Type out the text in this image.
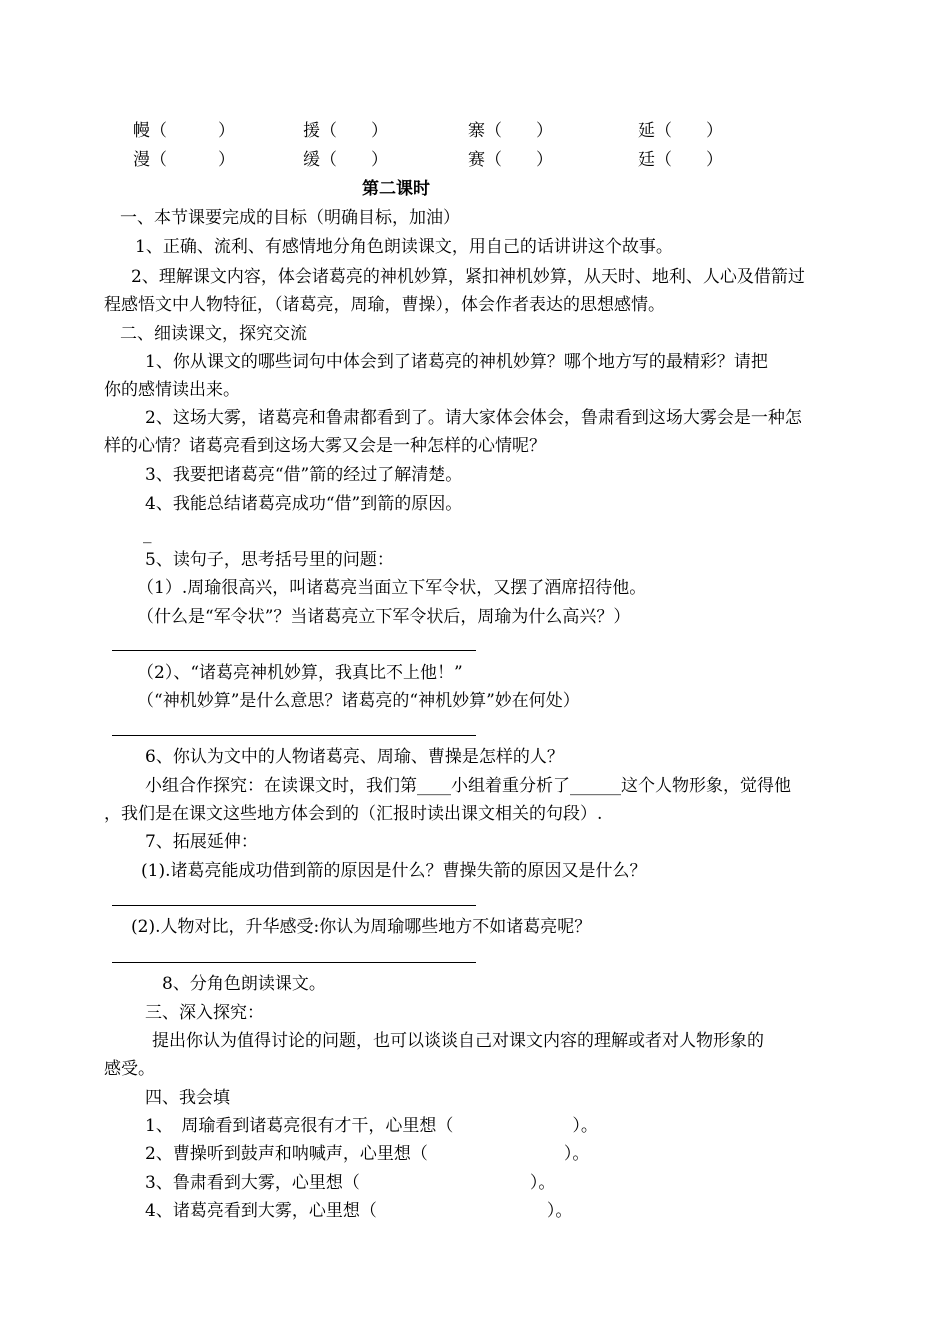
幔（　　　）	援（　　）	寨（　　）	延（　　）
漫（　　　）	缓（　　）	赛（　　）	廷（　　）
第二课时
一、本节课要完成的目标（明确目标，加油）
1、正确、流利、有感情地分角色朗读课文，用自己的话讲讲这个故事。
2、理解课文内容，体会诸葛亮的神机妙算，紧扣神机妙算，从天时、地利、人心及借箭过
程感悟文中人物特征，（诸葛亮，周瑜，曹操），体会作者表达的思想感情。
二、细读课文，探究交流
1、你从课文的哪些词句中体会到了诸葛亮的神机妙算？哪个地方写的最精彩？请把
你的感情读出来。
2、这场大雾，诸葛亮和鲁肃都看到了。请大家体会体会，鲁肃看到这场大雾会是一种怎
样的心情？诸葛亮看到这场大雾又会是一种怎样的心情呢？
3、我要把诸葛亮“借”箭的经过了解清楚。
4、我能总结诸葛亮成功“借”到箭的原因。
_
5、读句子，思考括号里的问题：
（1）.周瑜很高兴，叫诸葛亮当面立下军令状，又摆了酒席招待他。
（什么是“军令状”？当诸葛亮立下军令状后，周瑜为什么高兴？）
（2）、“诸葛亮神机妙算，我真比不上他！”
（“神机妙算”是什么意思？诸葛亮的“神机妙算”妙在何处）
6、你认为文中的人物诸葛亮、周瑜、曹操是怎样的人？
小组合作探究：在读课文时，我们第____小组着重分析了______这个人物形象，觉得他
，我们是在课文这些地方体会到的（汇报时读出课文相关的句段）.
7、拓展延伸：
(1).诸葛亮能成功借到箭的原因是什么？曹操失箭的原因又是什么？
(2).人物对比，升华感受:你认为周瑜哪些地方不如诸葛亮呢？
8、分角色朗读课文。
三、深入探究：
提出你认为值得讨论的问题，也可以谈谈自己对课文内容的理解或者对人物形象的
感受。
四、我会填
1、　周瑜看到诸葛亮很有才干，心里想（　　　　　　　）。
2、曹操听到鼓声和呐喊声，心里想（　　　　　　　　）。
3、鲁肃看到大雾，心里想（　　　　　　　　　　）。
4、诸葛亮看到大雾，心里想（　　　　　　　　　　）。
